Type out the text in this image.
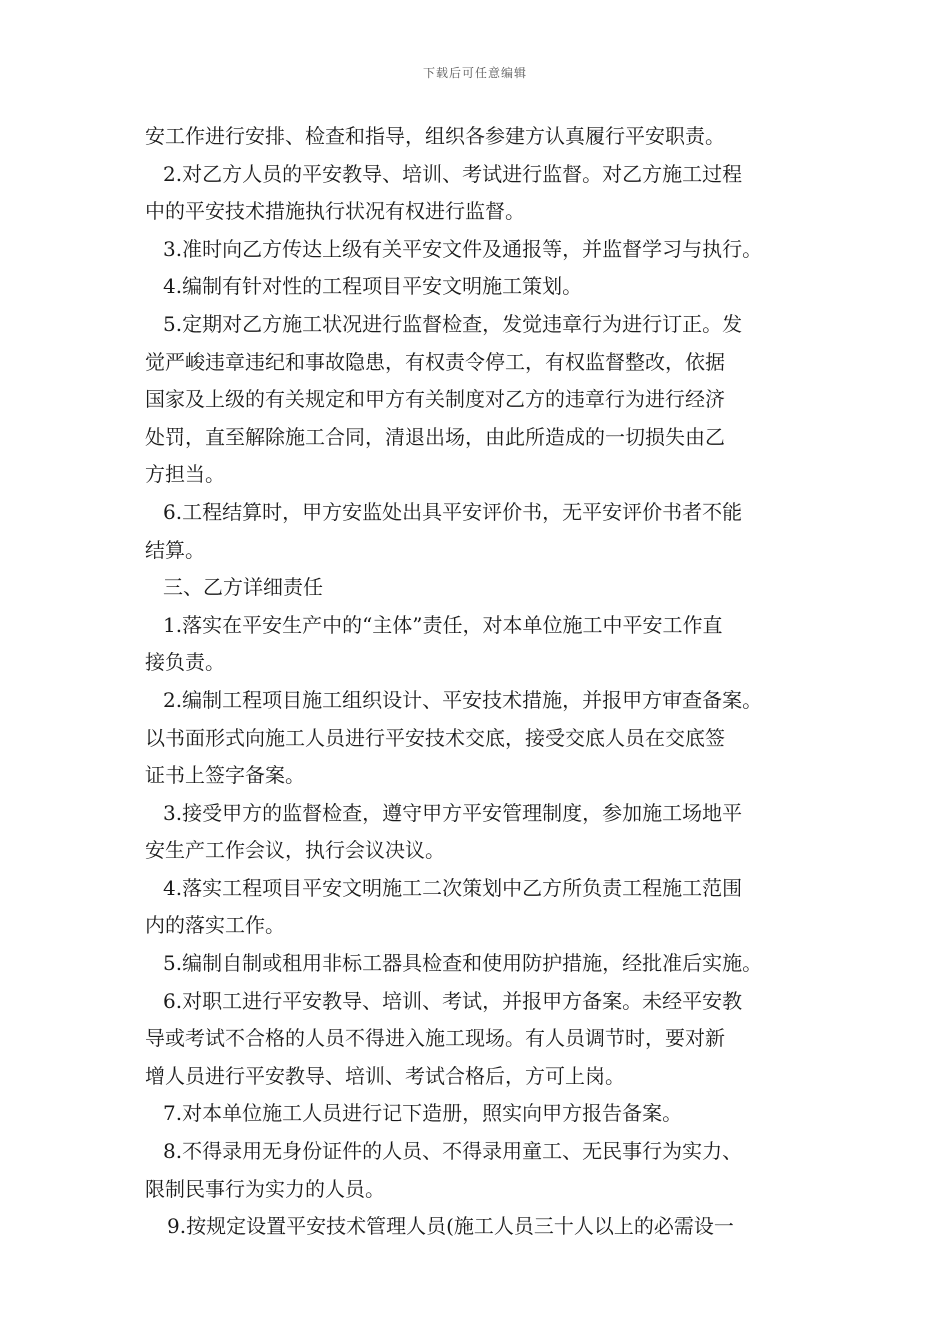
下载后可任意编辑
安工作进行安排、检查和指导，组织各参建方认真履行平安职责。
2.对乙方人员的平安教导、培训、考试进行监督。对乙方施工过程
中的平安技术措施执行状况有权进行监督。
3.准时向乙方传达上级有关平安文件及通报等，并监督学习与执行。
4.编制有针对性的工程项目平安文明施工策划。
5.定期对乙方施工状况进行监督检查，发觉违章行为进行订正。发
觉严峻违章违纪和事故隐患，有权责令停工，有权监督整改，依据
国家及上级的有关规定和甲方有关制度对乙方的违章行为进行经济
处罚，直至解除施工合同，清退出场，由此所造成的一切损失由乙
方担当。
6.工程结算时，甲方安监处出具平安评价书，无平安评价书者不能
结算。
三、乙方详细责任
1.落实在平安生产中的“主体”责任，对本单位施工中平安工作直
接负责。
2.编制工程项目施工组织设计、平安技术措施，并报甲方审查备案。
以书面形式向施工人员进行平安技术交底，接受交底人员在交底签
证书上签字备案。
3.接受甲方的监督检查，遵守甲方平安管理制度，参加施工场地平
安生产工作会议，执行会议决议。
4.落实工程项目平安文明施工二次策划中乙方所负责工程施工范围
内的落实工作。
5.编制自制或租用非标工器具检查和使用防护措施，经批准后实施。
6.对职工进行平安教导、培训、考试，并报甲方备案。未经平安教
导或考试不合格的人员不得进入施工现场。有人员调节时，要对新
增人员进行平安教导、培训、考试合格后，方可上岗。
7.对本单位施工人员进行记下造册，照实向甲方报告备案。
8.不得录用无身份证件的人员、不得录用童工、无民事行为实力、
限制民事行为实力的人员。
9.按规定设置平安技术管理人员(施工人员三十人以上的必需设一
